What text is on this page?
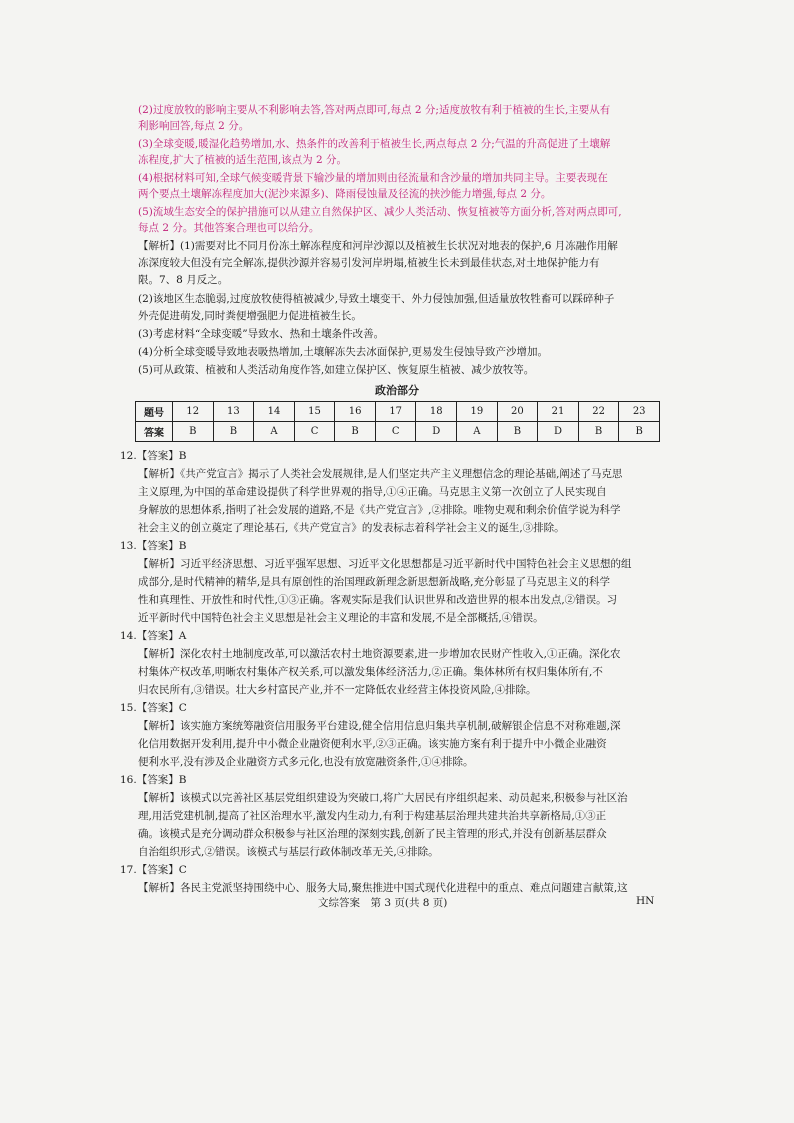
(2)过度放牧的影响主要从不利影响去答,答对两点即可,每点 2 分;适度放牧有利于植被的生长,主要从有
利影响回答,每点 2 分。
(3)全球变暖,暖湿化趋势增加,水、热条件的改善利于植被生长,两点每点 2 分;气温的升高促进了土壤解
冻程度,扩大了植被的适生范围,该点为 2 分。
(4)根据材料可知,全球气候变暖背景下输沙量的增加则由径流量和含沙量的增加共同主导。主要表现在
两个要点土壤解冻程度加大(泥沙来源多)、降雨侵蚀量及径流的挟沙能力增强,每点 2 分。
(5)流域生态安全的保护措施可以从建立自然保护区、减少人类活动、恢复植被等方面分析,答对两点即可,
每点 2 分。其他答案合理也可以给分。
【解析】(1)需要对比不同月份冻土解冻程度和河岸沙源以及植被生长状况对地表的保护,6 月冻融作用解
冻深度较大但没有完全解冻,提供沙源并容易引发河岸坍塌,植被生长未到最佳状态,对土地保护能力有
限。7、8 月反之。
(2)该地区生态脆弱,过度放牧使得植被减少,导致土壤变干、外力侵蚀加强,但适量放牧牲畜可以踩碎种子
外壳促进萌发,同时粪便增强肥力促进植被生长。
(3)考虑材料“全球变暖”导致水、热和土壤条件改善。
(4)分析全球变暖导致地表吸热增加,土壤解冻失去冰面保护,更易发生侵蚀导致产沙增加。
(5)可从政策、植被和人类活动角度作答,如建立保护区、恢复原生植被、减少放牧等。
政治部分
题号	12	13	14	15	16	17	18	19	20	21	22	23
答案	B	B	A	C	B	C	D	A	B	D	B	B
12.【答案】B
【解析】《共产党宣言》揭示了人类社会发展规律,是人们坚定共产主义理想信念的理论基础,阐述了马克思
主义原理,为中国的革命建设提供了科学世界观的指导,①④正确。马克思主义第一次创立了人民实现自
身解放的思想体系,指明了社会发展的道路,不是《共产党宣言》,②排除。唯物史观和剩余价值学说为科学
社会主义的创立奠定了理论基石,《共产党宣言》的发表标志着科学社会主义的诞生,③排除。
13.【答案】B
【解析】习近平经济思想、习近平强军思想、习近平文化思想都是习近平新时代中国特色社会主义思想的组
成部分,是时代精神的精华,是具有原创性的治国理政新理念新思想新战略,充分彰显了马克思主义的科学
性和真理性、开放性和时代性,①③正确。客观实际是我们认识世界和改造世界的根本出发点,②错误。习
近平新时代中国特色社会主义思想是社会主义理论的丰富和发展,不是全部概括,④错误。
14.【答案】A
【解析】深化农村土地制度改革,可以激活农村土地资源要素,进一步增加农民财产性收入,①正确。深化农
村集体产权改革,明晰农村集体产权关系,可以激发集体经济活力,②正确。集体林所有权归集体所有,不
归农民所有,③错误。壮大乡村富民产业,并不一定降低农业经营主体投资风险,④排除。
15.【答案】C
【解析】该实施方案统筹融资信用服务平台建设,健全信用信息归集共享机制,破解银企信息不对称难题,深
化信用数据开发利用,提升中小微企业融资便利水平,②③正确。该实施方案有利于提升中小微企业融资
便利水平,没有涉及企业融资方式多元化,也没有放宽融资条件,①④排除。
16.【答案】B
【解析】该模式以完善社区基层党组织建设为突破口,将广大居民有序组织起来、动员起来,积极参与社区治
理,用活党建机制,提高了社区治理水平,激发内生动力,有利于构建基层治理共建共治共享新格局,①③正
确。该模式是充分调动群众积极参与社区治理的深刻实践,创新了民主管理的形式,并没有创新基层群众
自治组织形式,②错误。该模式与基层行政体制改革无关,④排除。
17.【答案】C
【解析】各民主党派坚持围绕中心、服务大局,聚焦推进中国式现代化进程中的重点、难点问题建言献策,这
文综答案　第 3 页(共 8 页)	HN
